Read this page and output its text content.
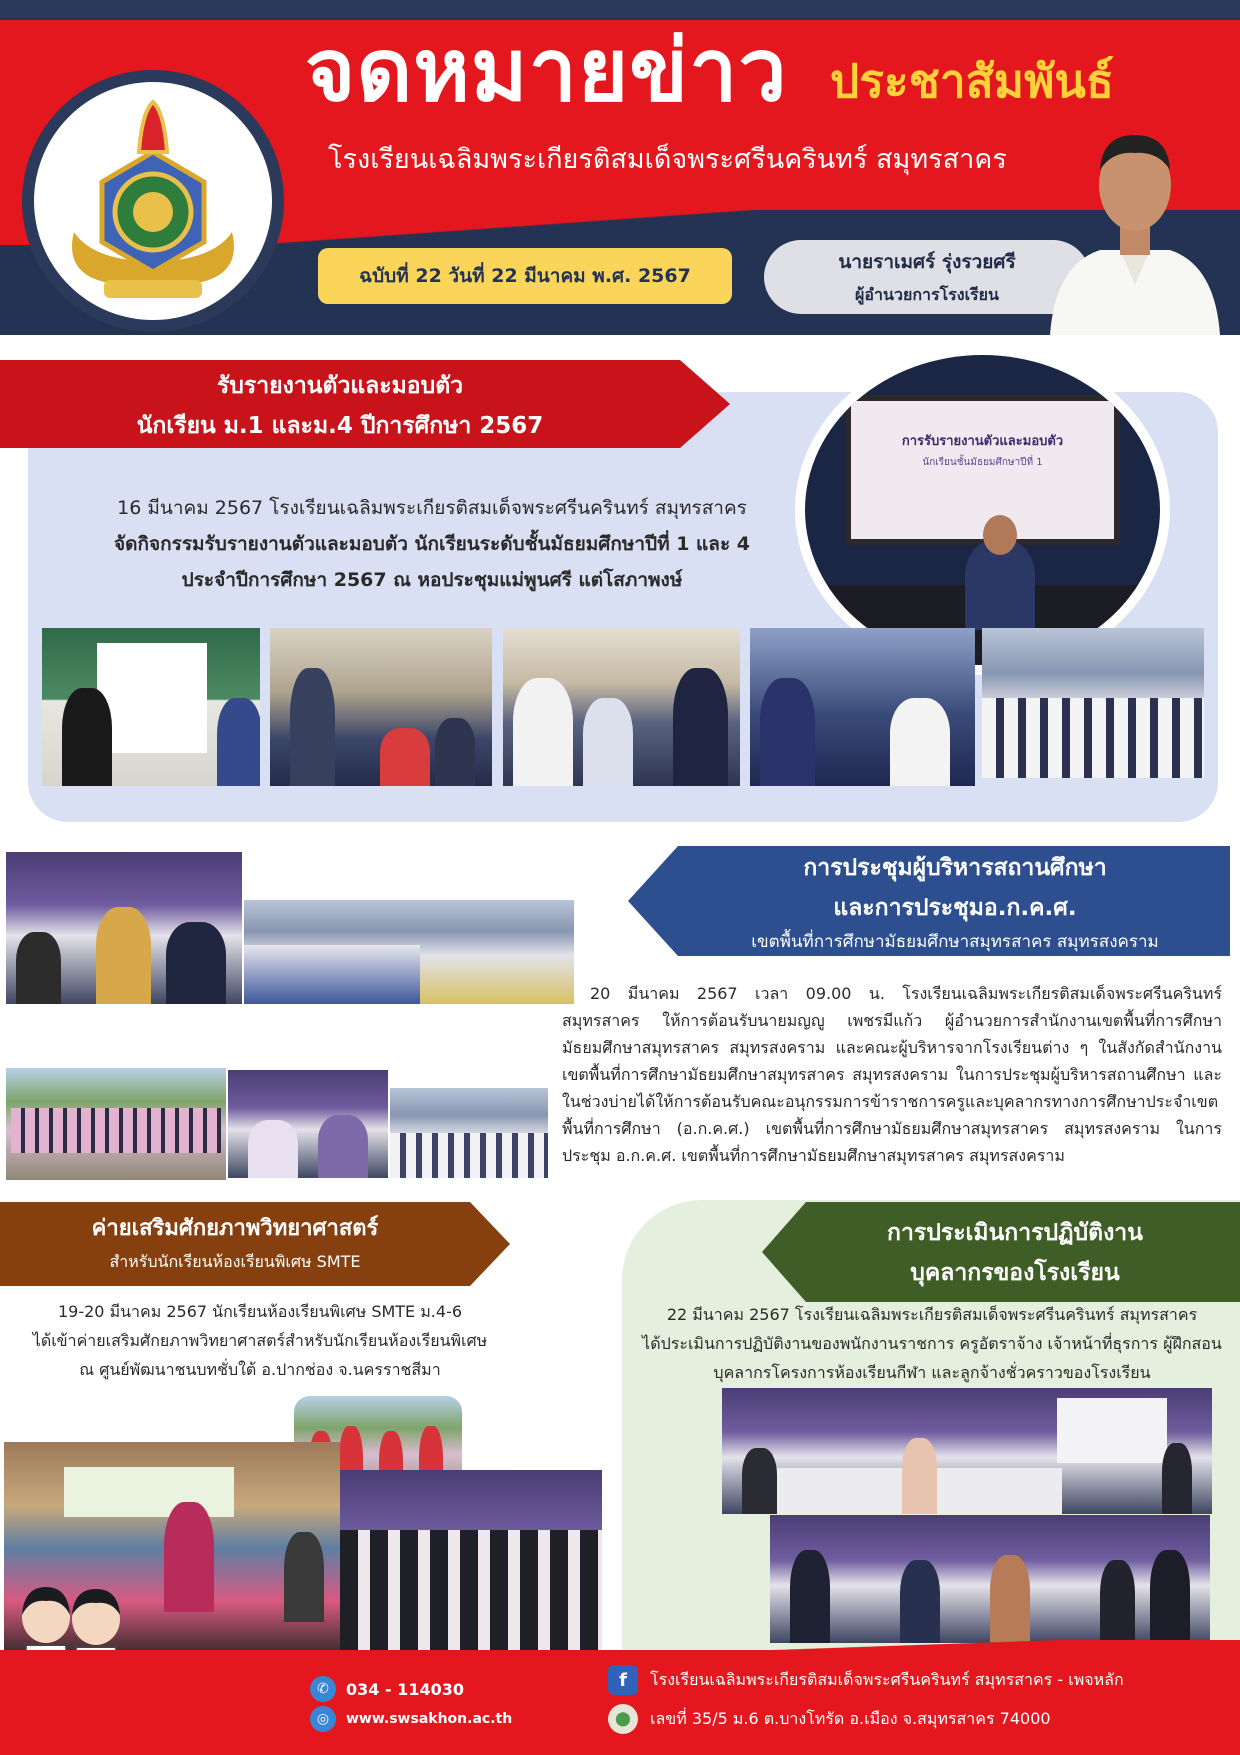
จดหมายข่าว ประชาสัมพันธ์
โรงเรียนเฉลิมพระเกียรติสมเด็จพระศรีนครินทร์ สมุทรสาคร
ฉบับที่ 22 วันที่ 22 มีนาคม พ.ศ. 2567
นายราเมศร์ รุ่งรวยศรี
ผู้อำนวยการโรงเรียน
รับรายงานตัวและมอบตัว
นักเรียน ม.1 และม.4 ปีการศึกษา 2567
16 มีนาคม 2567 โรงเรียนเฉลิมพระเกียรติสมเด็จพระศรีนครินทร์ สมุทรสาคร
จัดกิจกรรมรับรายงานตัวและมอบตัว นักเรียนระดับชั้นมัธยมศึกษาปีที่ 1 และ 4
ประจำปีการศึกษา 2567 ณ หอประชุมแม่พูนศรี แต่โสภาพงษ์
การรับรายงานตัวและมอบตัว
นักเรียนชั้นมัธยมศึกษาปีที่ 1
การประชุมผู้บริหารสถานศึกษา
และการประชุมอ.ก.ค.ศ.
เขตพื้นที่การศึกษามัธยมศึกษาสมุทรสาคร สมุทรสงคราม
20 มีนาคม 2567 เวลา 09.00 น. โรงเรียนเฉลิมพระเกียรติสมเด็จพระศรีนครินทร์ สมุทรสาคร ให้การต้อนรับนายมญญู เพชรมีแก้ว ผู้อำนวยการสำนักงานเขตพื้นที่การศึกษามัธยมศึกษาสมุทรสาคร สมุทรสงคราม และคณะผู้บริหารจากโรงเรียนต่าง ๆ ในสังกัดสำนักงานเขตพื้นที่การศึกษามัธยมศึกษาสมุทรสาคร สมุทรสงคราม ในการประชุมผู้บริหารสถานศึกษา และในช่วงบ่ายได้ให้การต้อนรับคณะอนุกรรมการข้าราชการครูและบุคลากรทางการศึกษาประจำเขตพื้นที่การศึกษา (อ.ก.ค.ศ.) เขตพื้นที่การศึกษามัธยมศึกษาสมุทรสาคร สมุทรสงคราม ในการประชุม อ.ก.ค.ศ. เขตพื้นที่การศึกษามัธยมศึกษาสมุทรสาคร สมุทรสงคราม
ค่ายเสริมศักยภาพวิทยาศาสตร์
สำหรับนักเรียนห้องเรียนพิเศษ SMTE
19-20 มีนาคม 2567 นักเรียนห้องเรียนพิเศษ SMTE ม.4-6
ได้เข้าค่ายเสริมศักยภาพวิทยาศาสตร์สำหรับนักเรียนห้องเรียนพิเศษ
ณ ศูนย์พัฒนาชนบทชั่บใต้ อ.ปากช่อง จ.นครราชสีมา
การประเมินการปฏิบัติงาน
บุคลากรของโรงเรียน
22 มีนาคม 2567 โรงเรียนเฉลิมพระเกียรติสมเด็จพระศรีนครินทร์ สมุทรสาคร
ได้ประเมินการปฏิบัติงานของพนักงานราชการ ครูอัตราจ้าง เจ้าหน้าที่ธุรการ ผู้ฝึกสอน
บุคลากรโครงการห้องเรียนกีฬา และลูกจ้างชั่วคราวของโรงเรียน
✆	034 - 114030
◎	www.swsakhon.ac.th
f	โรงเรียนเฉลิมพระเกียรติสมเด็จพระศรีนครินทร์ สมุทรสาคร - เพจหลัก
⬤	เลขที่ 35/5 ม.6 ต.บางโทรัด อ.เมือง จ.สมุทรสาคร 74000
